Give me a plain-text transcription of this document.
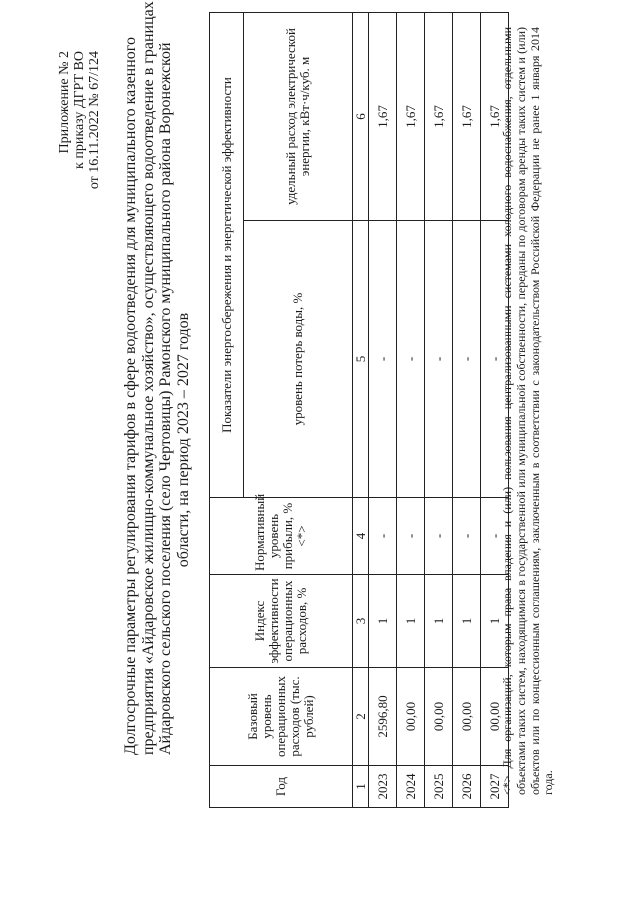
Приложение № 2 к приказу ДГРТ ВО от 16.11.2022 № 67/124 Долгосрочные параметры регулирования тарифов в сфере водоотведения для муниципального казенного предприятия «Айдаровское жилищно-коммунальное хозяйство», осуществляющего водоотведение в границах Айдаровского сельского поселения (село Чертовицы) Рамонского муниципального района Воронежской области, на период 2023 – 2027 годов
Год	Базовый уровень операционных расходов (тыс. рублей)	Индекс эффективности операционных расходов, %	Нормативный уровень прибыли, % <*>	Показатели энергосбережения и энергетической эффективности	
				уровень потерь воды, %	удельный расход электрической энергии, кВт·ч/куб. м
1	2	3	4	5	6
2023	2596,80	1	-	-	1,67
2024	00,00	1	-	-	1,67
2025	00,00	1	-	-	1,67
2026	00,00	1	-	-	1,67
2027	00,00	1	-	-	1,67
<*> Для организаций, которым права владения и (или) пользования централизованными системами холодного водоснабжения, отдельными объектами таких систем, находящимися в государственной или муниципальной собственности, переданы по договорам аренды таких систем и (или) объектов или по концессионным соглашениям, заключенным в соответствии с законодательством Российской Федерации не ранее 1 января 2014 года.
